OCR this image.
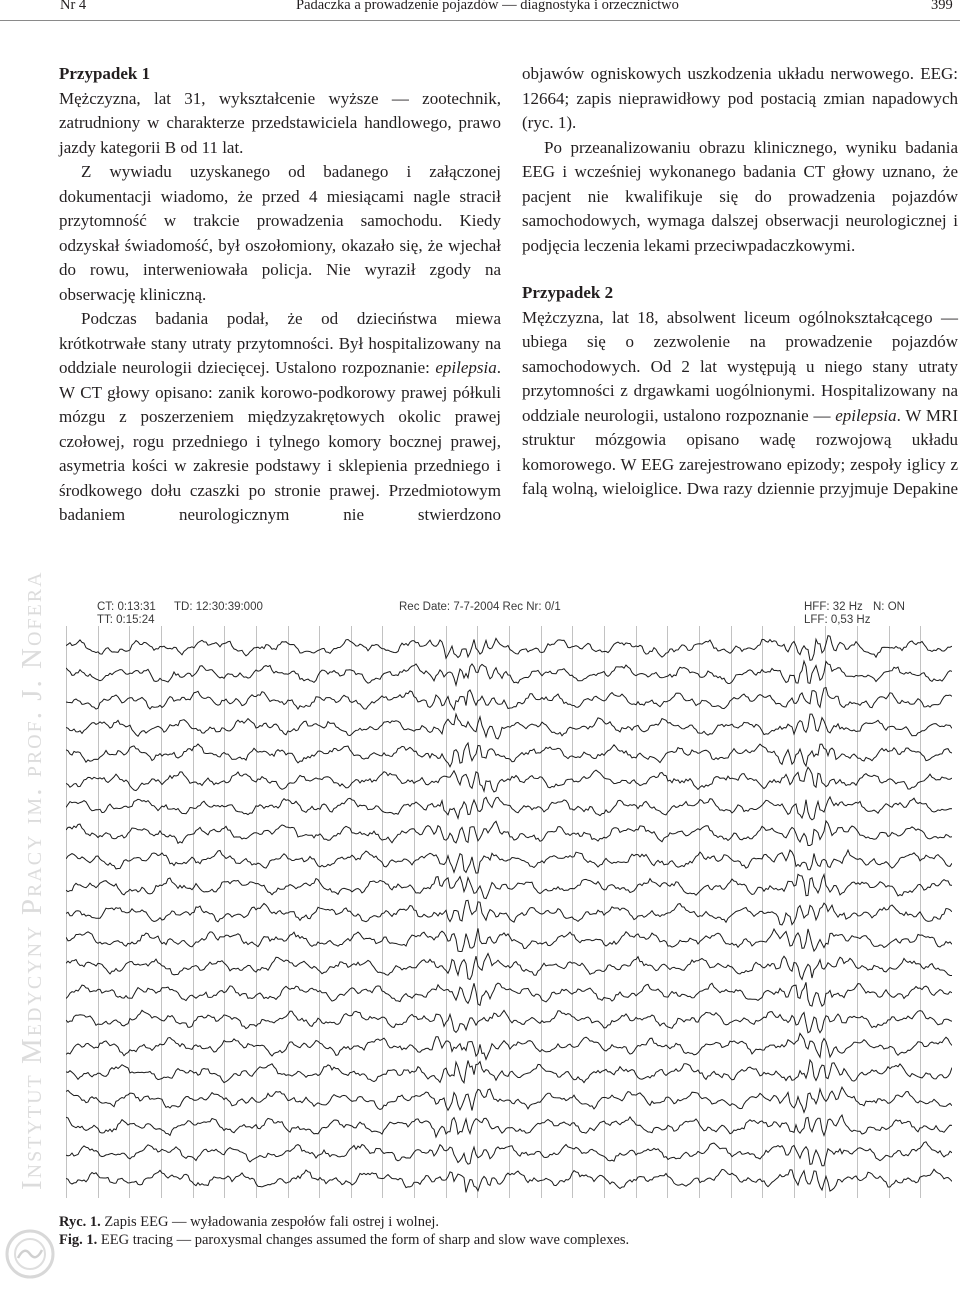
Nr 4	Padaczka a prowadzenie pojazdów — diagnostyka i orzecznictwo	399
Przypadek 1

Mężczyzna, lat 31, wykształcenie wyższe — zootechnik, zatrudniony w charakterze przedstawiciela handlowego, prawo jazdy kategorii B od 11 lat.

Z wywiadu uzyskanego od badanego i załączonej dokumentacji wiadomo, że przed 4 miesiącami nagle stracił przytomność w trakcie prowadzenia samochodu. Kiedy odzyskał świadomość, był oszołomiony, okazało się, że wjechał do rowu, interweniowała policja. Nie wyraził zgody na obserwację kliniczną.

Podczas badania podał, że od dzieciństwa miewa krótkotrwałe stany utraty przytomności. Był hospitalizowany na oddziale neurologii dziecięcej. Ustalono rozpoznanie: epilepsia. W CT głowy opisano: zanik korowo-podkorowy prawej półkuli mózgu z poszerzeniem międzyzakrętowych okolic prawej czołowej, rogu przedniego i tylnego komory bocznej prawej, asymetria kości w zakresie podstawy i sklepienia przedniego i środkowego dołu czaszki po stronie prawej. Przedmiotowym badaniem neurologicznym nie stwierdzono

objawów ogniskowych uszkodzenia układu nerwowego. EEG: 12664; zapis nieprawidłowy pod postacią zmian napadowych (ryc. 1).

Po przeanalizowaniu obrazu klinicznego, wyniku badania EEG i wcześniej wykonanego badania CT głowy uznano, że pacjent nie kwalifikuje się do prowadzenia pojazdów samochodowych, wymaga dalszej obserwacji neurologicznej i podjęcia leczenia lekami przeciwpadaczkowymi.

Przypadek 2

Mężczyzna, lat 18, absolwent liceum ogólnokształcącego — ubiega się o zezwolenie na prowadzenie pojazdów samochodowych. Od 2 lat występują u niego stany utraty przytomności z drgawkami uogólnionymi. Hospitalizowany na oddziale neurologii, ustalono rozpoznanie — epilepsia. W MRI struktur mózgowia opisano wadę rozwojową układu komorowego. W EEG zarejestrowano epizody; zespoły iglicy z falą wolną, wieloiglice. Dwa razy dziennie przyjmuje Depakine

Instytut Medycyny Pracy im. prof. J. Nofera	CT: 0:13:31 TD: 12:30:39:000
TT: 0:15:24
Rec Date: 7-7-2004 Rec Nr: 0/1	HFF: 32 Hz N: ON
LFF: 0,53 Hz
Ryc. 1. Zapis EEG — wyładowania zespołów fali ostrej i wolnej.
Fig. 1. EEG tracing — paroxysmal changes assumed the form of sharp and slow wave complexes.
